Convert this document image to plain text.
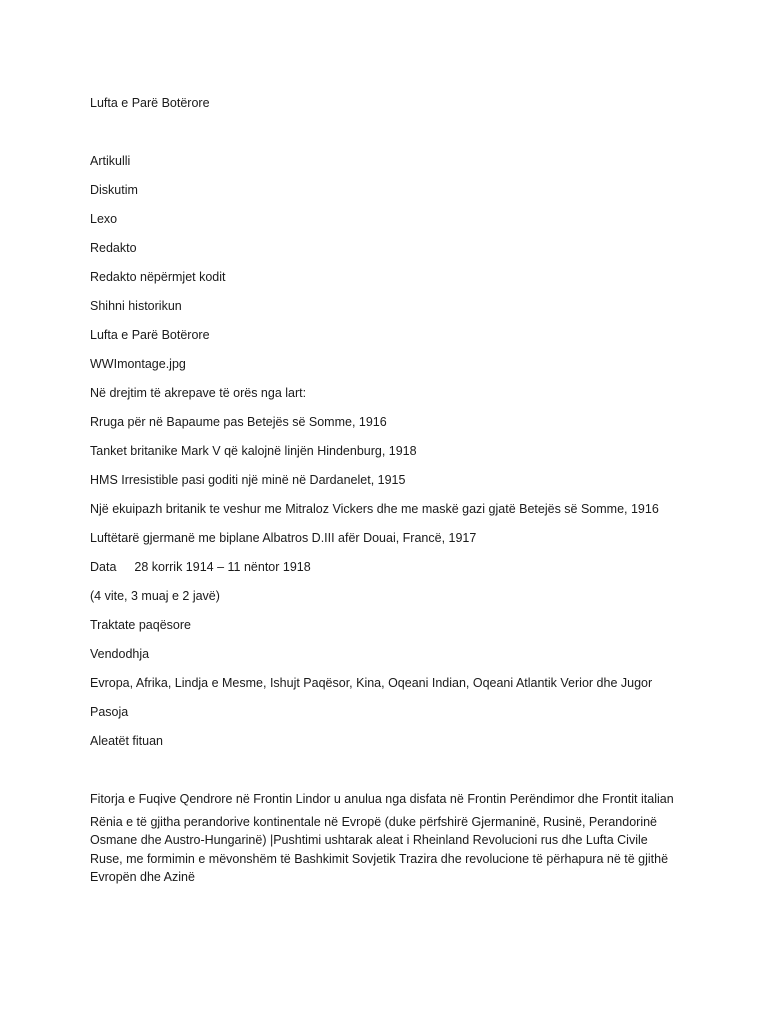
Lufta e Parë Botërore

Artikulli

Diskutim

Lexo

Redakto

Redakto nëpërmjet kodit

Shihni historikun

Lufta e Parë Botërore

WWImontage.jpg

Në drejtim të akrepave të orës nga lart:

Rruga për në Bapaume pas Betejës së Somme, 1916

Tanket britanike Mark V që kalojnë linjën Hindenburg, 1918

HMS Irresistible pasi goditi një minë në Dardanelet, 1915

Një ekuipazh britanik te veshur me Mitraloz Vickers dhe me maskë gazi gjatë Betejës së Somme, 1916

Luftëtarë gjermanë me biplane Albatros D.III afër Douai, Francë, 1917

Data 28 korrik 1914 – 11 nëntor 1918

(4 vite, 3 muaj e 2 javë)

Traktate paqësore

Vendodhja

Evropa, Afrika, Lindja e Mesme, Ishujt Paqësor, Kina, Oqeani Indian, Oqeani Atlantik Verior dhe Jugor

Pasoja

Aleatët fituan

Fitorja e Fuqive Qendrore në Frontin Lindor u anulua nga disfata në Frontin Perëndimor dhe Frontit italian

Rënia e të gjitha perandorive kontinentale në Evropë (duke përfshirë Gjermaninë, Rusinë, Perandorinë Osmane dhe Austro-Hungarinë) |Pushtimi ushtarak aleat i Rheinland Revolucioni rus dhe Lufta Civile Ruse, me formimin e mëvonshëm të Bashkimit Sovjetik Trazira dhe revolucione të përhapura në të gjithë Evropën dhe Azinë
